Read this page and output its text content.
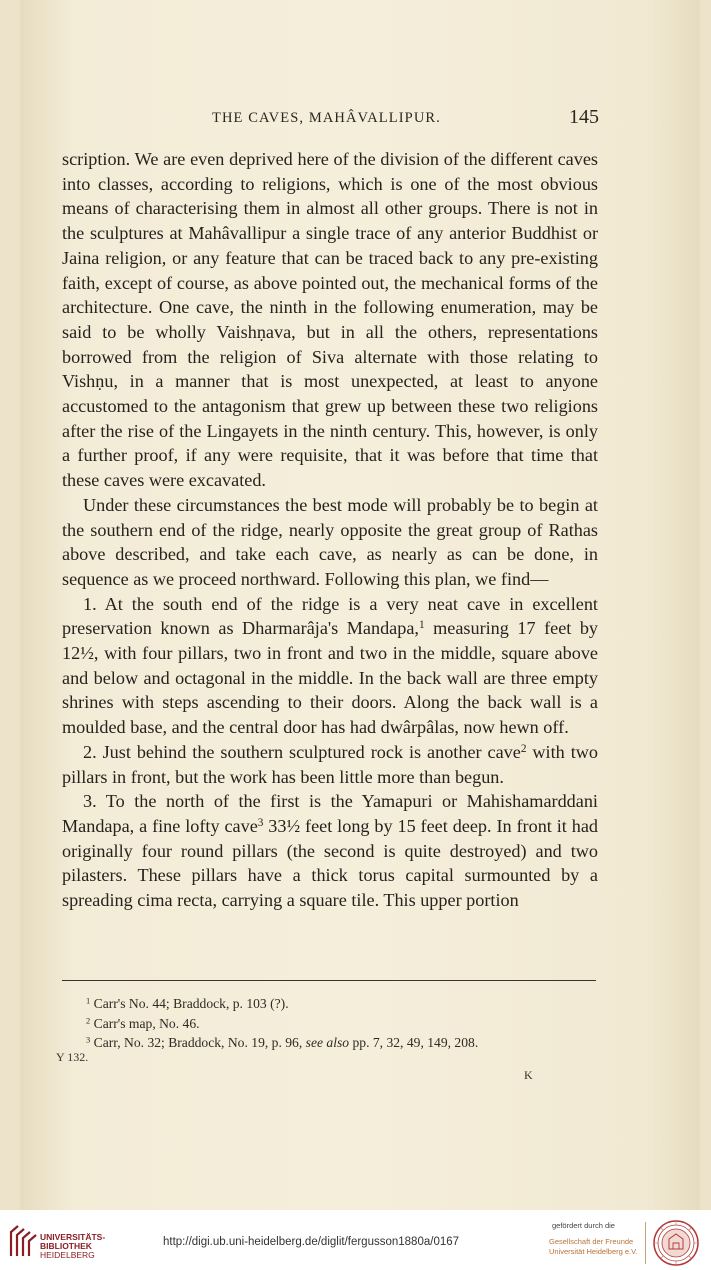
THE CAVES, MAHÂVALLIPUR.	145

scription. We are even deprived here of the division of the different caves into classes, according to religions, which is one of the most obvious means of characterising them in almost all other groups. There is not in the sculptures at Mahâvallipur a single trace of any anterior Buddhist or Jaina religion, or any feature that can be traced back to any pre-existing faith, except of course, as above pointed out, the mechanical forms of the architecture. One cave, the ninth in the following enumeration, may be said to be wholly Vaishṇava, but in all the others, representations borrowed from the religion of Siva alternate with those relating to Vishṇu, in a manner that is most unexpected, at least to anyone accustomed to the antagonism that grew up between these two religions after the rise of the Lingayets in the ninth century. This, however, is only a further proof, if any were requisite, that it was before that time that these caves were excavated.

Under these circumstances the best mode will probably be to begin at the southern end of the ridge, nearly opposite the great group of Rathas above described, and take each cave, as nearly as can be done, in sequence as we proceed northward. Following this plan, we find—

1. At the south end of the ridge is a very neat cave in excellent preservation known as Dharmarâja's Mandapa,$^1$ measuring 17 feet by 12½, with four pillars, two in front and two in the middle, square above and below and octagonal in the middle. In the back wall are three empty shrines with steps ascending to their doors. Along the back wall is a moulded base, and the central door has had dwârpâlas, now hewn off.

2. Just behind the southern sculptured rock is another cave$^2$ with two pillars in front, but the work has been little more than begun.

3. To the north of the first is the Yamapuri or Mahishamarddani Mandapa, a fine lofty cave$^3$ 33½ feet long by 15 feet deep. In front it had originally four round pillars (the second is quite destroyed) and two pilasters. These pillars have a thick torus capital surmounted by a spreading cima recta, carrying a square tile. This upper portion

$^1$ Carr's No. 44; Braddock, p. 103 (?).
$^2$ Carr's map, No. 46.
$^3$ Carr, No. 32; Braddock, No. 19, p. 96, see also pp. 7, 32, 49, 149, 208.
Y 132.
K
UNIVERSITÄTS-
BIBLIOTHEK
HEIDELBERG
http://digi.ub.uni-heidelberg.de/diglit/fergusson1880a/0167
gefördert durch die
Gesellschaft der Freunde
Universität Heidelberg e.V.
